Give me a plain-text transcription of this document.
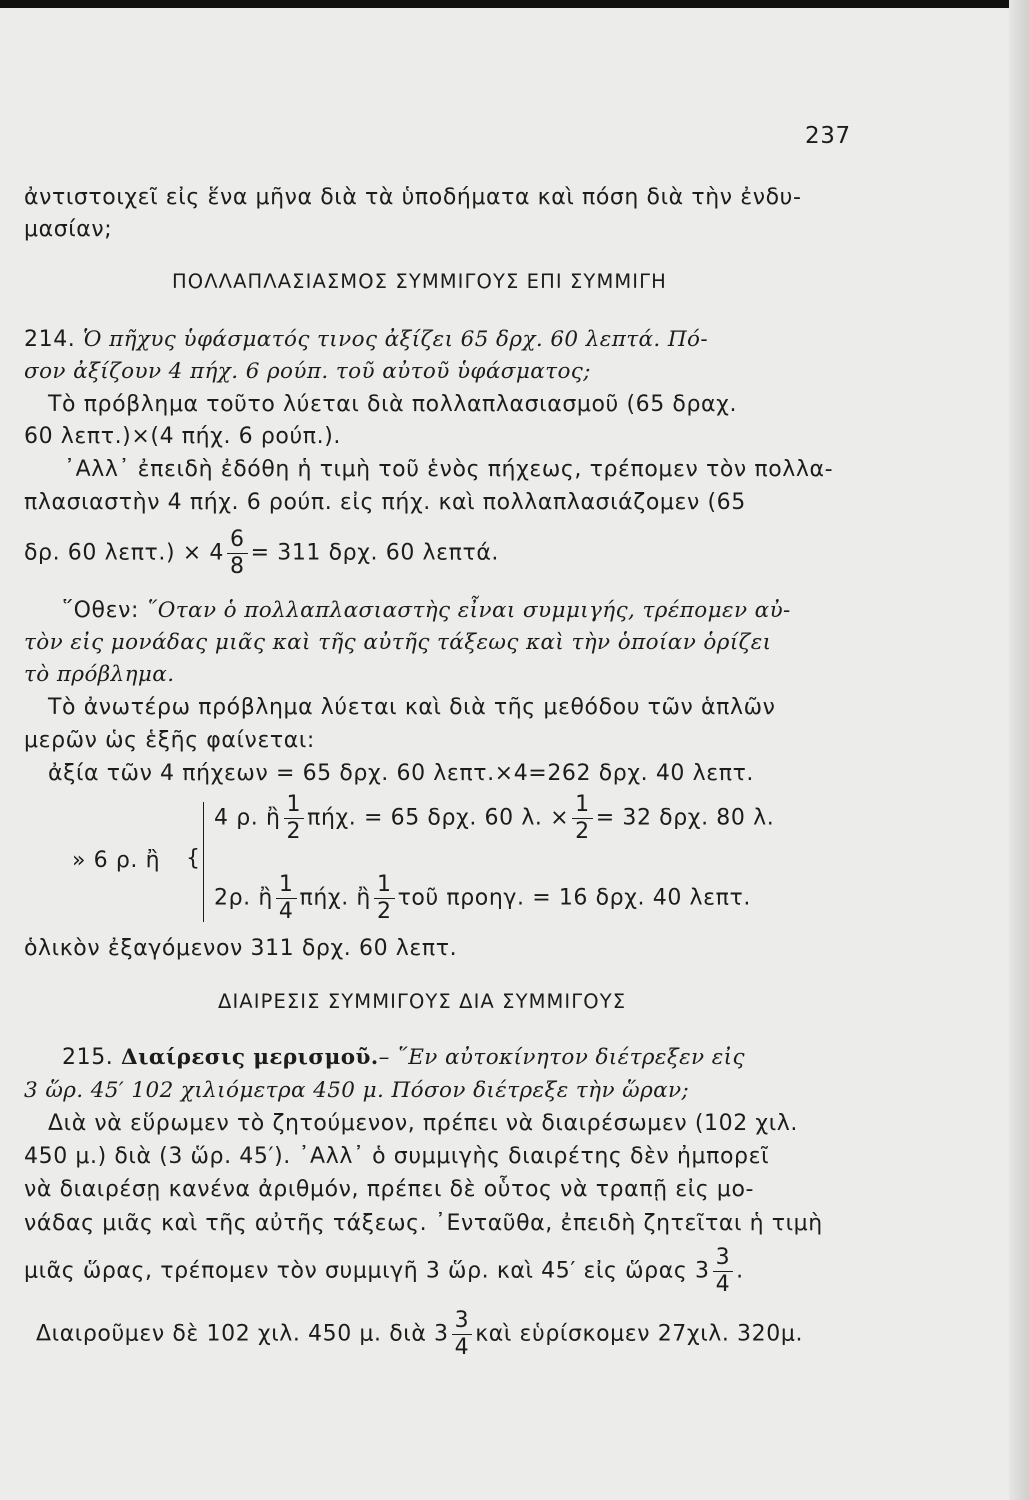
237
ἀντιστοιχεῖ εἰς ἕνα μῆνα διὰ τὰ ὑποδήματα καὶ πόση διὰ τὴν ἐνδυ-
μασίαν;
ΠΟΛΛΑΠΛΑΣΙΑΣΜΟΣ ΣΥΜΜΙΓΟΥΣ ΕΠΙ ΣΥΜΜΙΓΗ
214. Ὁ πῆχυς ὑφάσματός τινος ἀξίζει 65 δρχ. 60 λεπτά. Πό-
σον ἀξίζουν 4 πήχ. 6 ρούπ. τοῦ αὐτοῦ ὑφάσματος;
Τὸ πρόβλημα τοῦτο λύεται διὰ πολλαπλασιασμοῦ (65 δραχ.
60 λεπτ.)×(4 πήχ. 6 ρούπ.).
᾿Αλλ᾿ ἐπειδὴ ἐδόθη ἡ τιμὴ τοῦ ἑνὸς πήχεως, τρέπομεν τὸν πολλα-
πλασιαστὴν 4 πήχ. 6 ρούπ. εἰς πήχ. καὶ πολλαπλασιάζομεν (65
δρ. 60 $\lambda\varepsilon\pi\tau.) \times 4 \frac{6}{8} = 311$ δρχ. 60 λεπτά.
῞Οθεν: ῞Οταν ὁ πολλαπλασιαστὴς εἶναι συμμιγής, τρέπομεν αὐ-
τὸν εἰς μονάδας μιᾶς καὶ τῆς αὐτῆς τάξεως καὶ τὴν ὁποίαν ὁρίζει
τὸ πρόβλημα.
Τὸ ἀνωτέρω πρόβλημα λύεται καὶ διὰ τῆς μεθόδου τῶν ἁπλῶν
μερῶν ὡς ἑξῆς φαίνεται:
ἀξία τῶν 4 πήχεων = 65 δρχ. 60 λεπτ.×4=262 δρχ. 40 λεπτ.
» 6 ρ. ἢ {
4 ρ. ἢ $\frac{1}{2} \pi ή\chi$. = 65 δρχ. 60 λ. × $\frac{1}{2} = 32$ δρχ. 80 λ.
2ρ. ἢ $\frac{1}{4} \pi ή\chi$. ἢ $\frac{1}{2}$ τοῦ προηγ. = 16 δρχ. 40 λεπτ.
ὁλικὸν ἐξαγόμενον 311 δρχ. 60 λεπτ.
ΔΙΑΙΡΕΣΙΣ ΣΥΜΜΙΓΟΥΣ ΔΙΑ ΣΥΜΜΙΓΟΥΣ
215. Διαίρεσις μερισμοῦ.– ῞Εν αὐτοκίνητον διέτρεξεν εἰς
3 ὥρ. 45′ 102 χιλιόμετρα 450 μ. Πόσον διέτρεξε τὴν ὥραν;
Διὰ νὰ εὕρωμεν τὸ ζητούμενον, πρέπει νὰ διαιρέσωμεν (102 χιλ.
450 μ.) διὰ (3 ὥρ. 45′). ᾿Αλλ᾿ ὁ συμμιγὴς διαιρέτης δὲν ἠμπορεῖ
νὰ διαιρέσῃ κανένα ἀριθμόν, πρέπει δὲ οὗτος νὰ τραπῇ εἰς μο-
νάδας μιᾶς καὶ τῆς αὐτῆς τάξεως. ᾿Ενταῦθα, ἐπειδὴ ζητεῖται ἡ τιμὴ
μιᾶς ὥρας, τρέπομεν τὸν συμμιγῆ 3 ὥρ. καὶ 45′ εἰς ὥρας $3 \frac{3}{4}$ .
Διαιροῦμεν δὲ 102 χιλ. 450 μ. διὰ $3 \frac{3}{4}$ καὶ εὑρίσκομεν 27χιλ. 320μ.
